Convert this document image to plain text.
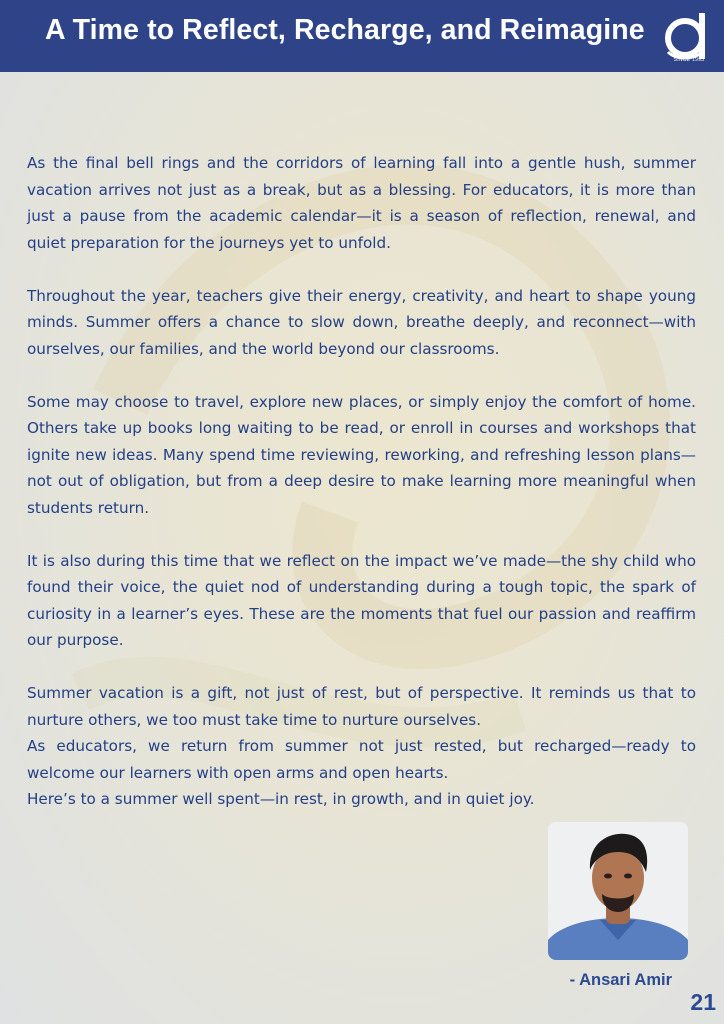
A Time to Reflect, Recharge, and Reimagine
SINCE 1993

As the final bell rings and the corridors of learning fall into a gentle hush, summer vacation arrives not just as a break, but as a blessing. For educators, it is more than just a pause from the academic calendar—it is a season of reflection, renewal, and quiet preparation for the journeys yet to unfold.

Throughout the year, teachers give their energy, creativity, and heart to shape young minds. Summer offers a chance to slow down, breathe deeply, and reconnect—with ourselves, our families, and the world beyond our classrooms.

Some may choose to travel, explore new places, or simply enjoy the comfort of home. Others take up books long waiting to be read, or enroll in courses and workshops that ignite new ideas. Many spend time reviewing, reworking, and refreshing lesson plans—not out of obligation, but from a deep desire to make learning more meaningful when students return.

It is also during this time that we reflect on the impact we’ve made—the shy child who found their voice, the quiet nod of understanding during a tough topic, the spark of curiosity in a learner’s eyes. These are the moments that fuel our passion and reaffirm our purpose.

Summer vacation is a gift, not just of rest, but of perspective. It reminds us that to nurture others, we too must take time to nurture ourselves.

As educators, we return from summer not just rested, but recharged—ready to welcome our learners with open arms and open hearts.

Here’s to a summer well spent—in rest, in growth, and in quiet joy.

- Ansari Amir
21
